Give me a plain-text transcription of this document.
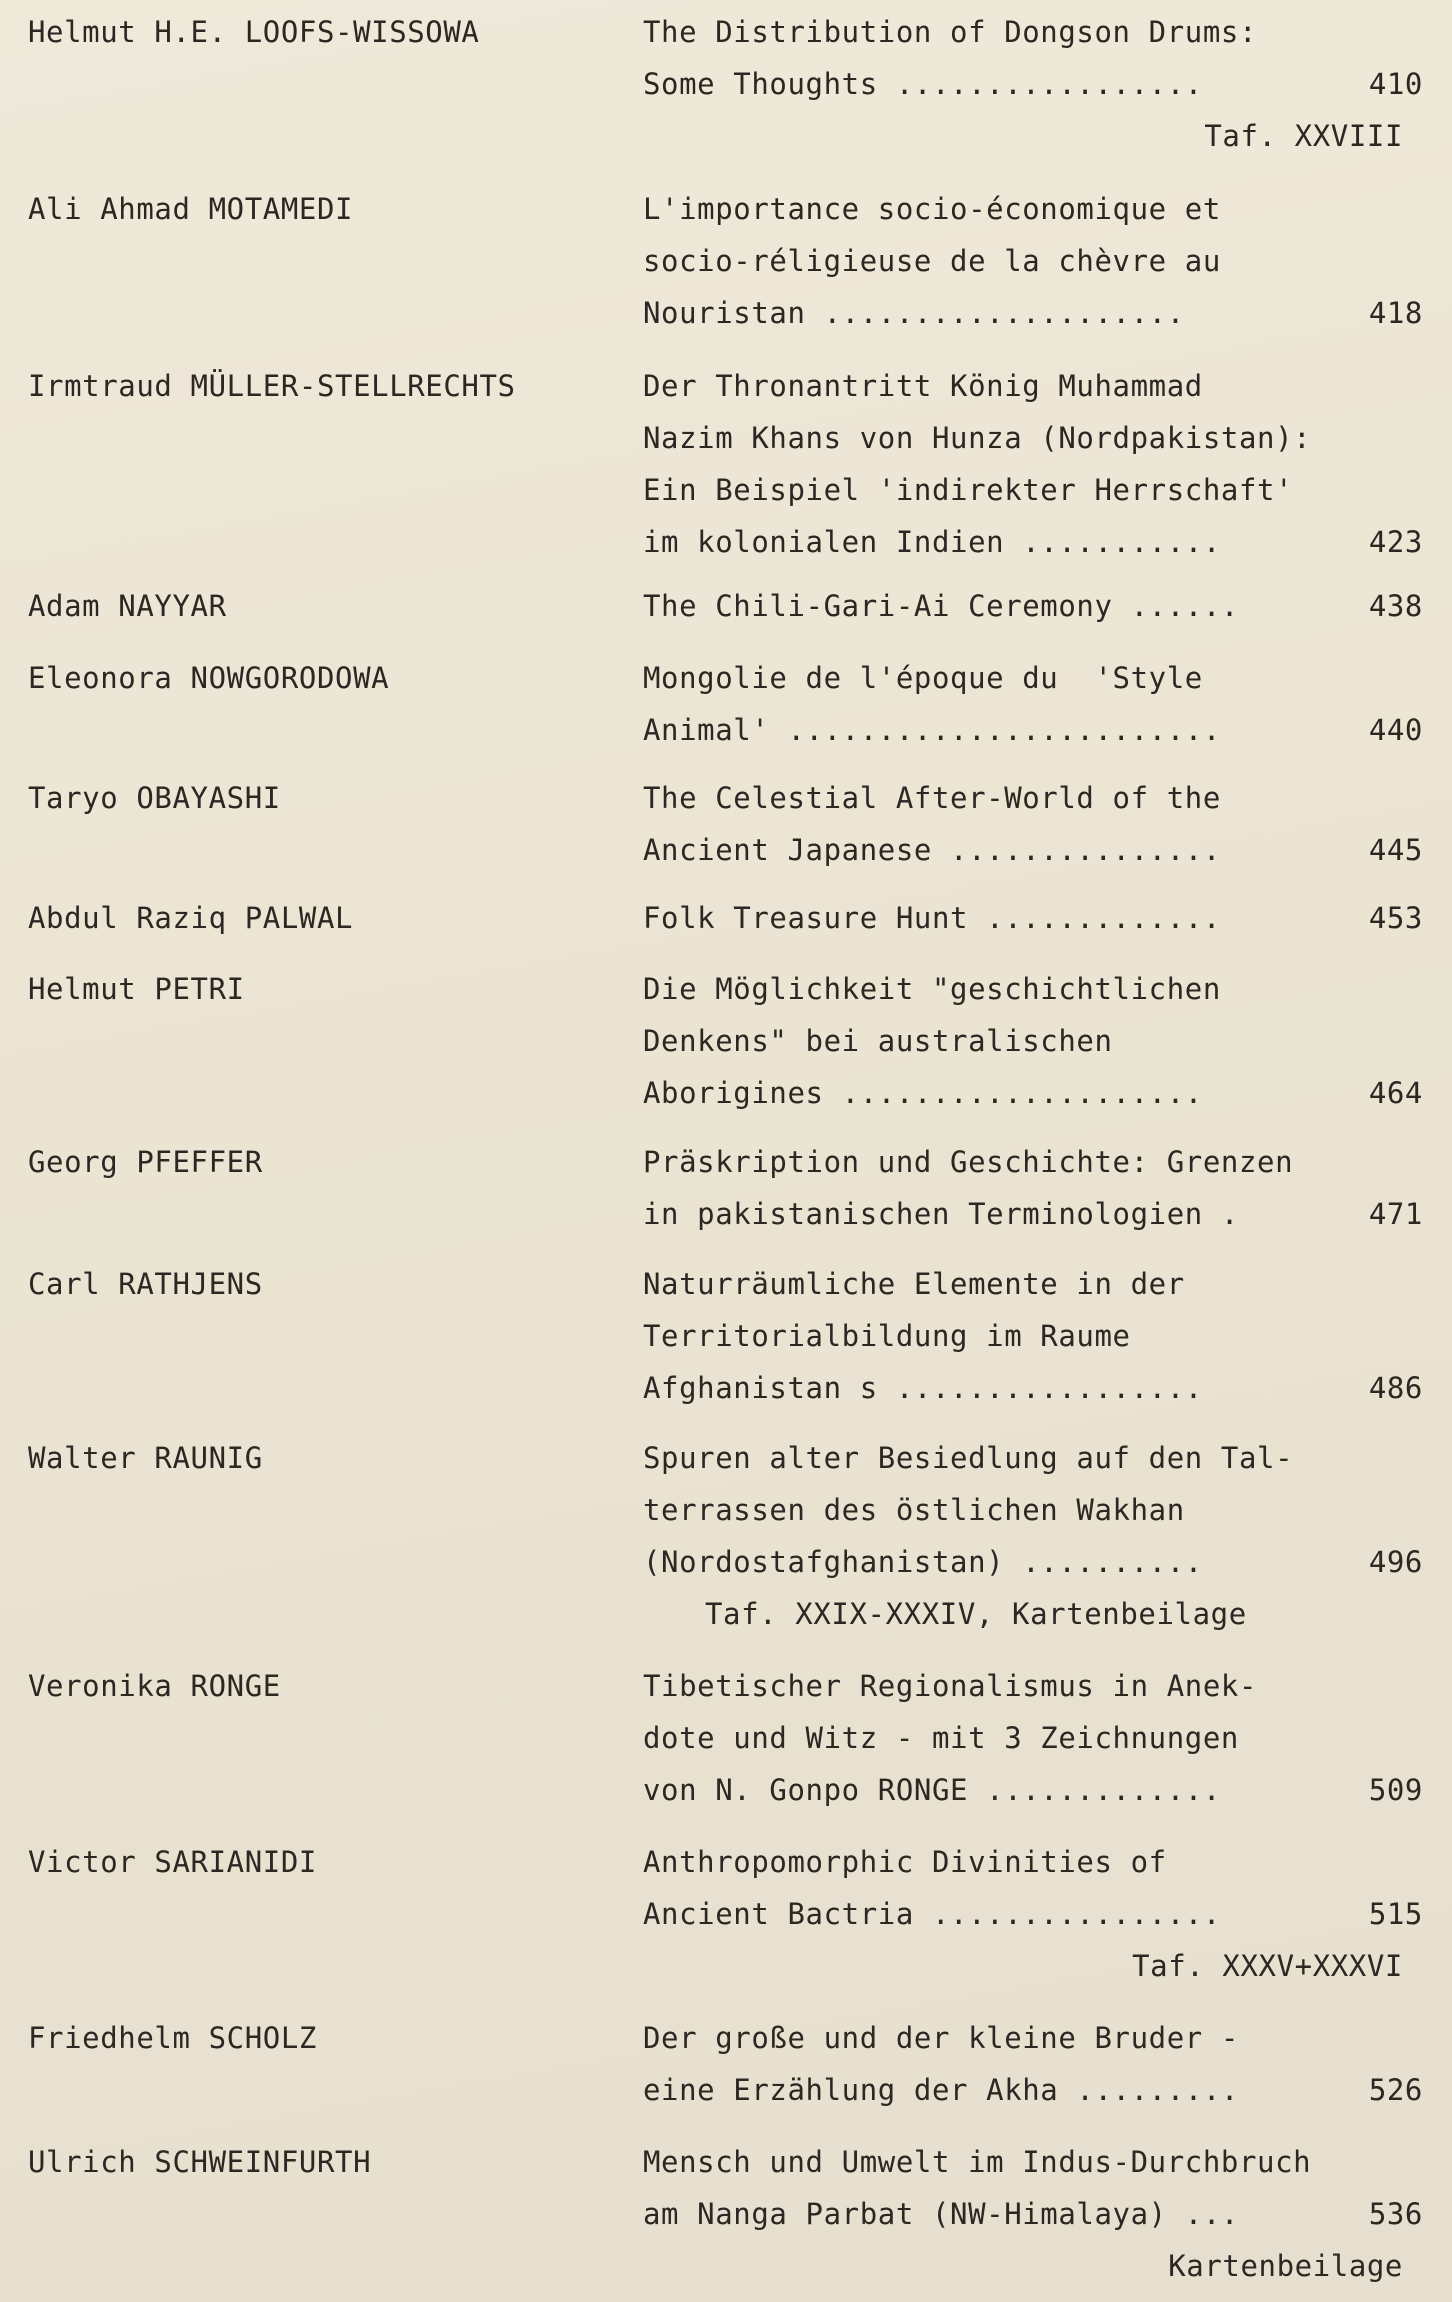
Helmut H.E. LOOFS-WISSOWA	The Distribution of Dongson Drums:
Some Thoughts .................	410
Taf. XXVIII
Ali Ahmad MOTAMEDI	L'importance socio-économique et
socio-réligieuse de la chèvre au
Nouristan ....................	418
Irmtraud MÜLLER-STELLRECHTS	Der Thronantritt König Muhammad
Nazim Khans von Hunza (Nordpakistan):
Ein Beispiel 'indirekter Herrschaft'
im kolonialen Indien ...........	423
Adam NAYYAR	The Chili-Gari-Ai Ceremony ......	438
Eleonora NOWGORODOWA	Mongolie de l'époque du  'Style
Animal' ........................	440
Taryo OBAYASHI	The Celestial After-World of the
Ancient Japanese ...............	445
Abdul Raziq PALWAL	Folk Treasure Hunt .............	453
Helmut PETRI	Die Möglichkeit "geschichtlichen
Denkens" bei australischen
Aborigines ....................	464
Georg PFEFFER	Präskription und Geschichte: Grenzen
in pakistanischen Terminologien .	471
Carl RATHJENS	Naturräumliche Elemente in der
Territorialbildung im Raume
Afghanistan s .................	486
Walter RAUNIG	Spuren alter Besiedlung auf den Tal-
terrassen des östlichen Wakhan
(Nordostafghanistan) ..........	496
Taf. XXIX-XXXIV, Kartenbeilage
Veronika RONGE	Tibetischer Regionalismus in Anek-
dote und Witz - mit 3 Zeichnungen
von N. Gonpo RONGE .............	509
Victor SARIANIDI	Anthropomorphic Divinities of
Ancient Bactria ................	515
Taf. XXXV+XXXVI
Friedhelm SCHOLZ	Der große und der kleine Bruder -
eine Erzählung der Akha .........	526
Ulrich SCHWEINFURTH	Mensch und Umwelt im Indus-Durchbruch
am Nanga Parbat (NW-Himalaya) ...	536
Kartenbeilage
